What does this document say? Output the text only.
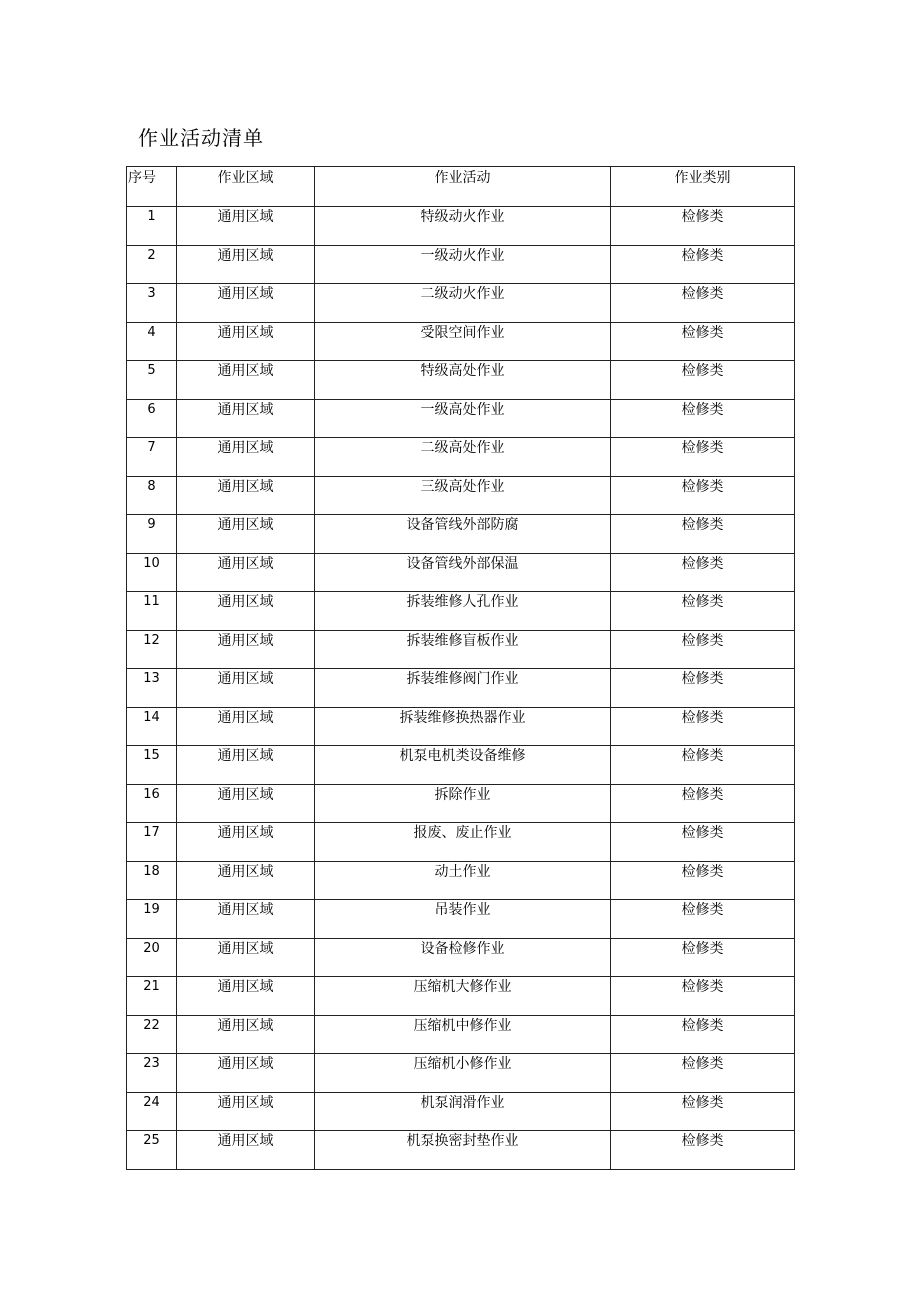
作业活动清单
序号	作业区域	作业活动	作业类别
1	通用区域	特级动火作业	检修类
2	通用区域	一级动火作业	检修类
3	通用区域	二级动火作业	检修类
4	通用区域	受限空间作业	检修类
5	通用区域	特级高处作业	检修类
6	通用区域	一级高处作业	检修类
7	通用区域	二级高处作业	检修类
8	通用区域	三级高处作业	检修类
9	通用区域	设备管线外部防腐	检修类
10	通用区域	设备管线外部保温	检修类
11	通用区域	拆装维修人孔作业	检修类
12	通用区域	拆装维修盲板作业	检修类
13	通用区域	拆装维修阀门作业	检修类
14	通用区域	拆装维修换热器作业	检修类
15	通用区域	机泵电机类设备维修	检修类
16	通用区域	拆除作业	检修类
17	通用区域	报废、废止作业	检修类
18	通用区域	动土作业	检修类
19	通用区域	吊装作业	检修类
20	通用区域	设备检修作业	检修类
21	通用区域	压缩机大修作业	检修类
22	通用区域	压缩机中修作业	检修类
23	通用区域	压缩机小修作业	检修类
24	通用区域	机泵润滑作业	检修类
25	通用区域	机泵换密封垫作业	检修类
